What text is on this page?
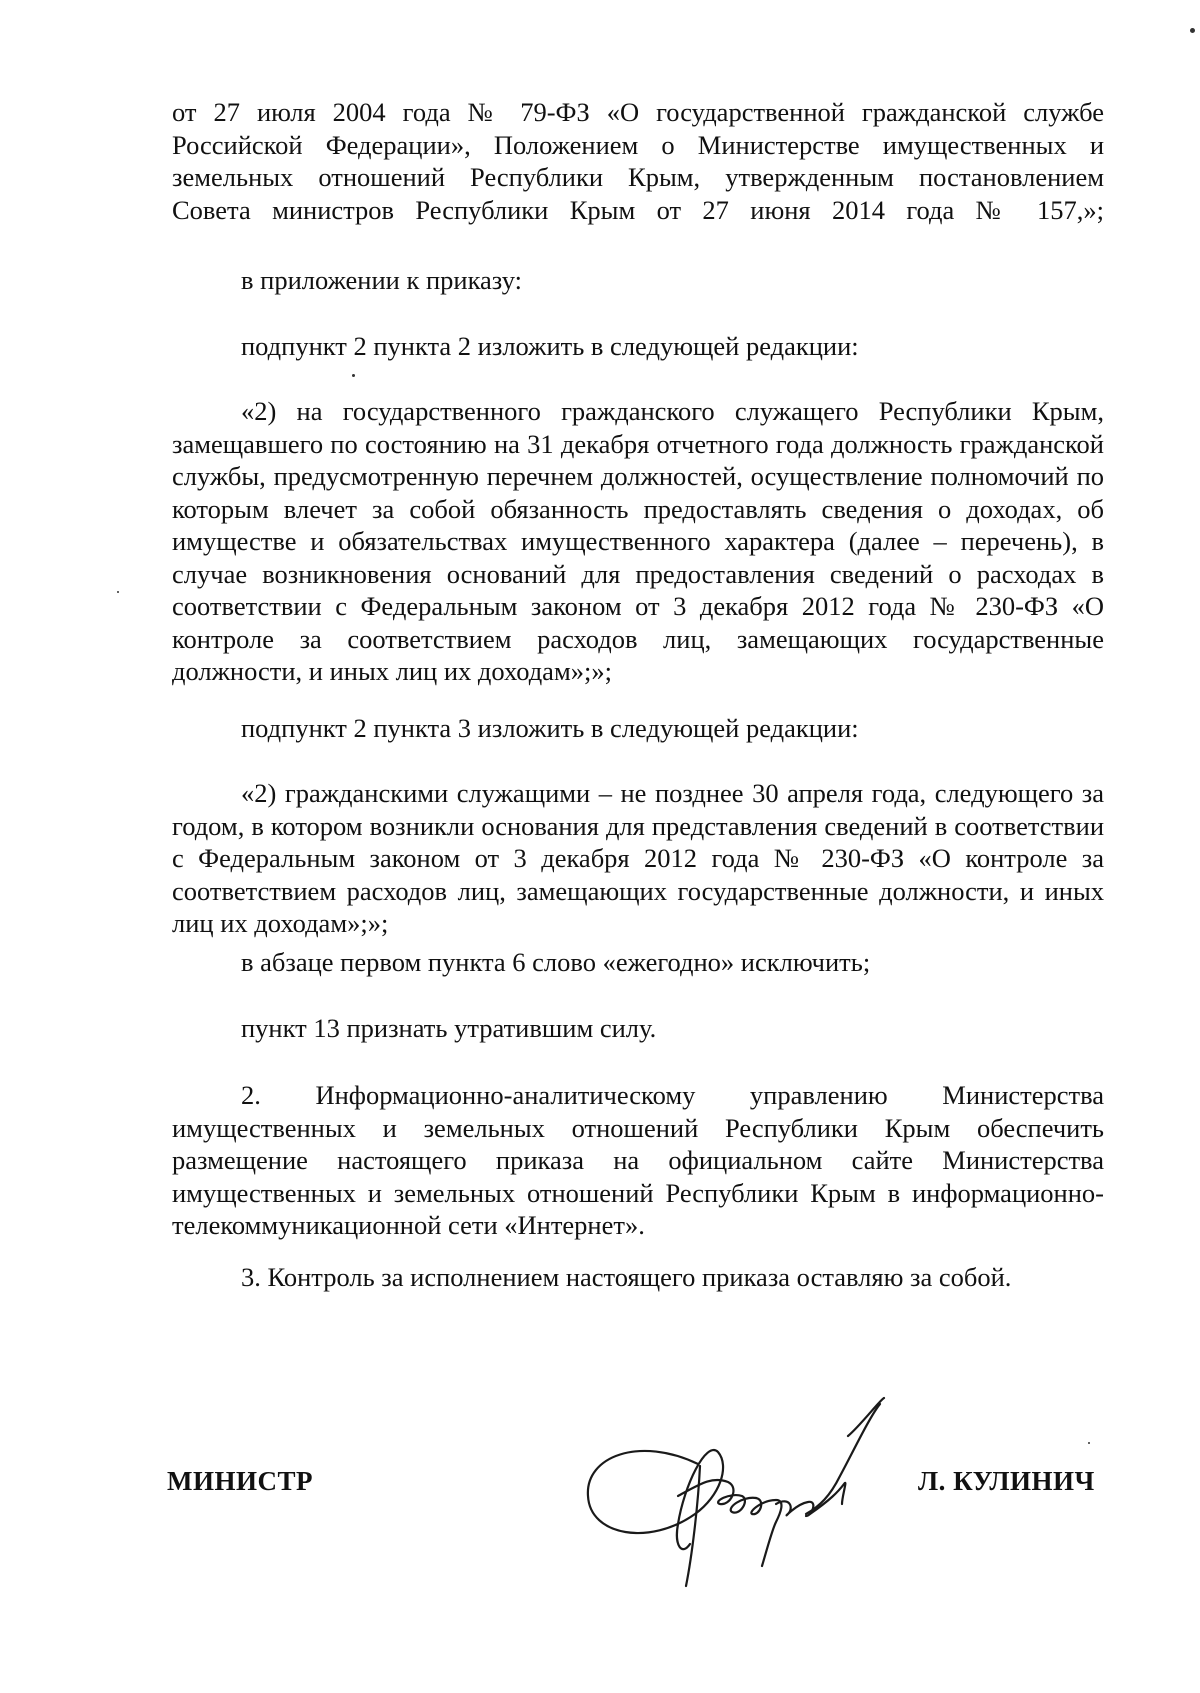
от 27 июля 2004 года № 79-ФЗ «О государственной гражданской службе

Российской Федерации», Положением о Министерстве имущественных и

земельных отношений Республики Крым, утвержденным постановлением

Совета министров Республики Крым от 27 июня 2014 года № 157,»;

в приложении к приказу:

подпункт 2 пункта 2 изложить в следующей редакции:

«2) на государственного гражданского служащего Республики Крым, замещавшего по состоянию на 31 декабря отчетного года должность гражданской службы, предусмотренную перечнем должностей, осуществление полномочий по которым влечет за собой обязанность предоставлять сведения о доходах, об имуществе и обязательствах имущественного характера (далее – перечень), в случае возникновения оснований для предоставления сведений о расходах в соответствии с Федеральным законом от 3 декабря 2012 года № 230-ФЗ «О контроле за соответствием расходов лиц, замещающих государственные должности, и иных лиц их доходам»;»;

подпункт 2 пункта 3 изложить в следующей редакции:

«2) гражданскими служащими – не позднее 30 апреля года, следующего за годом, в котором возникли основания для представления сведений в соответствии с Федеральным законом от 3 декабря 2012 года № 230-ФЗ «О контроле за соответствием расходов лиц, замещающих государственные должности, и иных лиц их доходам»;»;

в абзаце первом пункта 6 слово «ежегодно» исключить;

пункт 13 признать утратившим силу.

2. Информационно-аналитическому управлению Министерства имущественных и земельных отношений Республики Крым обеспечить размещение настоящего приказа на официальном сайте Министерства имущественных и земельных отношений Республики Крым в информационно-телекоммуникационной сети «Интернет».

3. Контроль за исполнением настоящего приказа оставляю за собой.

МИНИСТР	Л. КУЛИНИЧ
